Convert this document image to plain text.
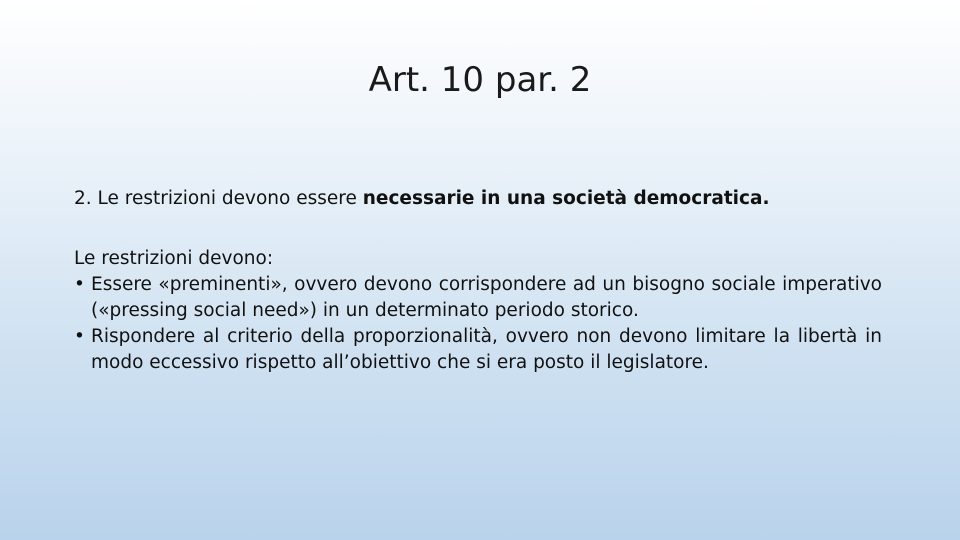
Art. 10 par. 2

2. Le restrizioni devono essere necessarie in una società democratica.

Le restrizioni devono:

• Essere «preminenti», ovvero devono corrispondere ad un bisogno sociale imperativo («pressing social need») in un determinato periodo storico.
• Rispondere al criterio della proporzionalità, ovvero non devono limitare la libertà in modo eccessivo rispetto all’obiettivo che si era posto il legislatore.
